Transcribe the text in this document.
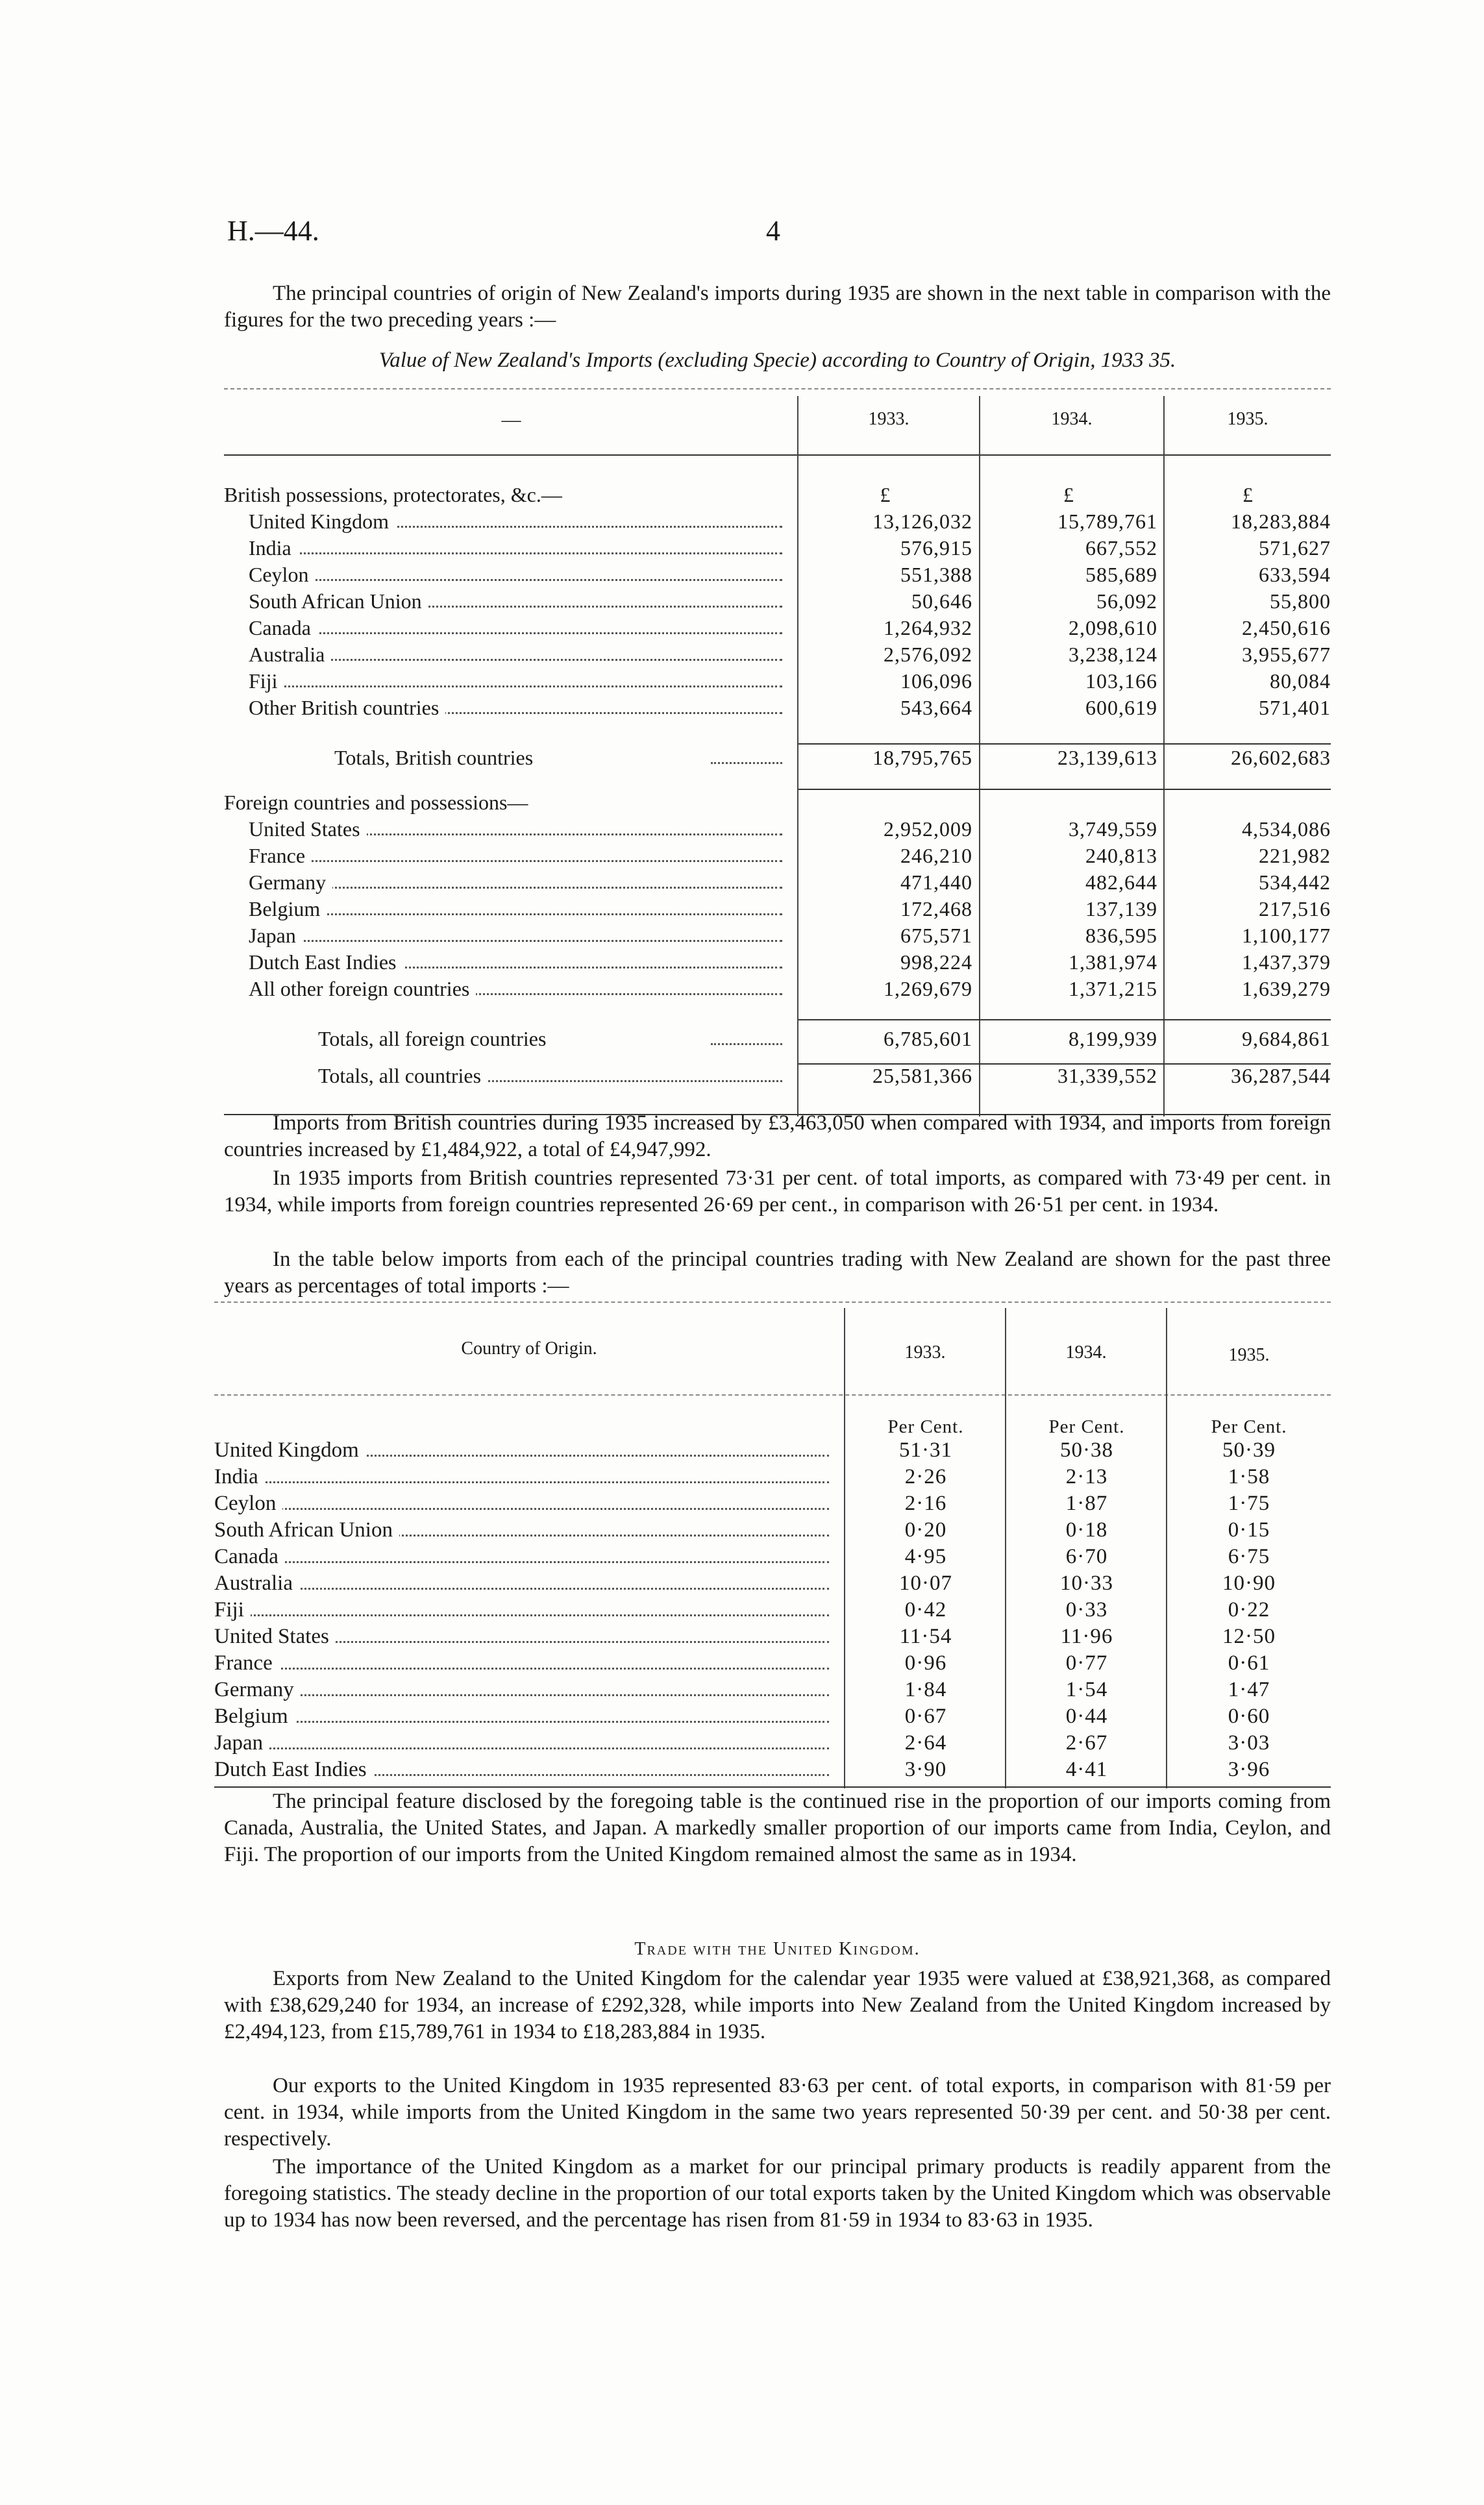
H.—44.	4

The principal countries of origin of New Zealand's imports during 1935 are shown in the next table in comparison with the figures for the two preceding years :—

Value of New Zealand's Imports (excluding Specie) according to Country of Origin, 1933 35.
—	1933.	1934.	1935.
British possessions, protectorates, &c.—	£	£	£

United Kingdom	13,126,032	15,789,761	18,283,884

India	576,915	667,552	571,627

Ceylon	551,388	585,689	633,594

South African Union	50,646	56,092	55,800

Canada	1,264,932	2,098,610	2,450,616

Australia	2,576,092	3,238,124	3,955,677

Fiji	106,096	103,166	80,084

Other British countries	543,664	600,619	571,401

Totals, British countries	18,795,765	23,139,613	26,602,683

Foreign countries and possessions—			

United States	2,952,009	3,749,559	4,534,086

France	246,210	240,813	221,982

Germany	471,440	482,644	534,442

Belgium	172,468	137,139	217,516

Japan	675,571	836,595	1,100,177

Dutch East Indies	998,224	1,381,974	1,437,379

All other foreign countries	1,269,679	1,371,215	1,639,279

Totals, all foreign countries	6,785,601	8,199,939	9,684,861

Totals, all countries	25,581,366	31,339,552	36,287,544

Imports from British countries during 1935 increased by £3,463,050 when compared with 1934, and imports from foreign countries increased by £1,484,922, a total of £4,947,992.

In 1935 imports from British countries represented 73·31 per cent. of total imports, as compared with 73·49 per cent. in 1934, while imports from foreign countries represented 26·69 per cent., in comparison with 26·51 per cent. in 1934.

In the table below imports from each of the principal countries trading with New Zealand are shown for the past three years as percentages of total imports :—

Country of Origin.	1933.	1934.	1935.
	Per Cent.	Per Cent.	Per Cent.

United Kingdom	51·31	50·38	50·39

India	2·26	2·13	1·58

Ceylon	2·16	1·87	1·75

South African Union	0·20	0·18	0·15

Canada	4·95	6·70	6·75

Australia	10·07	10·33	10·90

Fiji	0·42	0·33	0·22

United States	11·54	11·96	12·50

France	0·96	0·77	0·61

Germany	1·84	1·54	1·47

Belgium	0·67	0·44	0·60

Japan	2·64	2·67	3·03

Dutch East Indies	3·90	4·41	3·96

The principal feature disclosed by the foregoing table is the continued rise in the proportion of our imports coming from Canada, Australia, the United States, and Japan. A markedly smaller proportion of our imports came from India, Ceylon, and Fiji. The proportion of our imports from the United Kingdom remained almost the same as in 1934.

Trade with the United Kingdom.

Exports from New Zealand to the United Kingdom for the calendar year 1935 were valued at £38,921,368, as compared with £38,629,240 for 1934, an increase of £292,328, while imports into New Zealand from the United Kingdom increased by £2,494,123, from £15,789,761 in 1934 to £18,283,884 in 1935.

Our exports to the United Kingdom in 1935 represented 83·63 per cent. of total exports, in comparison with 81·59 per cent. in 1934, while imports from the United Kingdom in the same two years represented 50·39 per cent. and 50·38 per cent. respectively.

The importance of the United Kingdom as a market for our principal primary products is readily apparent from the foregoing statistics. The steady decline in the proportion of our total exports taken by the United Kingdom which was observable up to 1934 has now been reversed, and the percentage has risen from 81·59 in 1934 to 83·63 in 1935.
